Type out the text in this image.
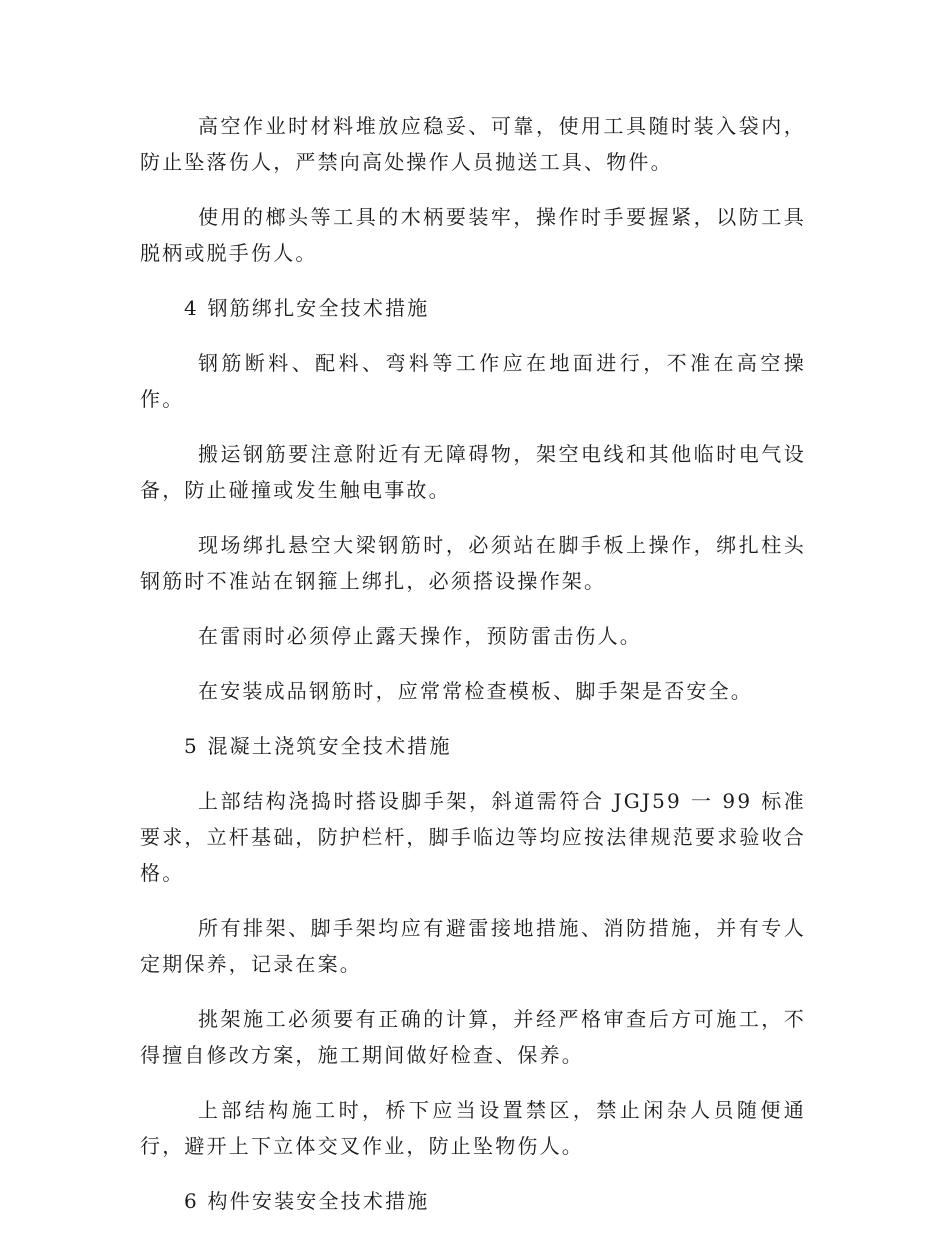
高空作业时材料堆放应稳妥、可靠，使用工具随时装入袋内，防止坠落伤人，严禁向高处操作人员抛送工具、物件。

使用的榔头等工具的木柄要装牢，操作时手要握紧，以防工具脱柄或脱手伤人。

4 钢筋绑扎安全技术措施

钢筋断料、配料、弯料等工作应在地面进行，不准在高空操作。

搬运钢筋要注意附近有无障碍物，架空电线和其他临时电气设备，防止碰撞或发生触电事故。

现场绑扎悬空大梁钢筋时，必须站在脚手板上操作，绑扎柱头钢筋时不准站在钢箍上绑扎，必须搭设操作架。

在雷雨时必须停止露天操作，预防雷击伤人。

在安装成品钢筋时，应常常检查模板、脚手架是否安全。

5 混凝土浇筑安全技术措施

上部结构浇捣时搭设脚手架，斜道需符合 JGJ59 一 99 标准要求，立杆基础，防护栏杆，脚手临边等均应按法律规范要求验收合格。

所有排架、脚手架均应有避雷接地措施、消防措施，并有专人定期保养，记录在案。

挑架施工必须要有正确的计算，并经严格审查后方可施工，不得擅自修改方案，施工期间做好检查、保养。

上部结构施工时，桥下应当设置禁区，禁止闲杂人员随便通行，避开上下立体交叉作业，防止坠物伤人。

6 构件安装安全技术措施
